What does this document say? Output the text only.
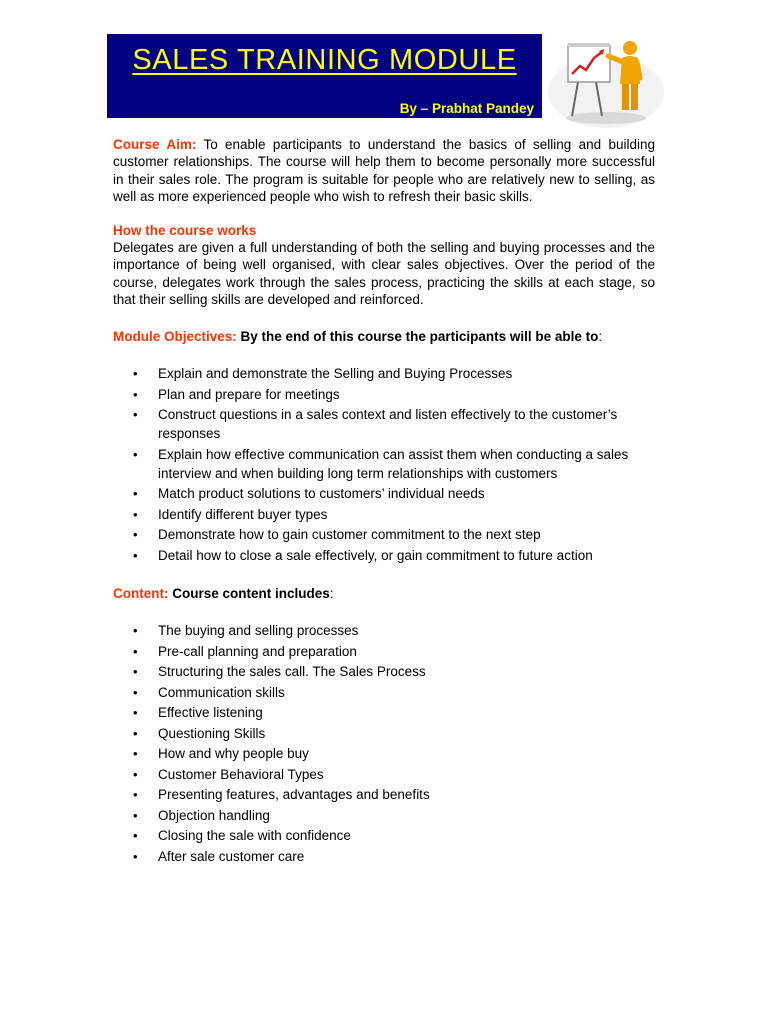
SALES TRAINING MODULE
By – Prabhat Pandey

Course Aim: To enable participants to understand the basics of selling and building customer relationships. The course will help them to become personally more successful in their sales role. The program is suitable for people who are relatively new to selling, as well as more experienced people who wish to refresh their basic skills.

How the course works

Delegates are given a full understanding of both the selling and buying processes and the importance of being well organised, with clear sales objectives. Over the period of the course, delegates work through the sales process, practicing the skills at each stage, so that their selling skills are developed and reinforced.

Module Objectives: By the end of this course the participants will be able to:

• Explain and demonstrate the Selling and Buying Processes
• Plan and prepare for meetings
• Construct questions in a sales context and listen effectively to the customer’s responses
• Explain how effective communication can assist them when conducting a sales interview and when building long term relationships with customers
• Match product solutions to customers’ individual needs
• Identify different buyer types
• Demonstrate how to gain customer commitment to the next step
• Detail how to close a sale effectively, or gain commitment to future action

Content: Course content includes:

• The buying and selling processes
• Pre-call planning and preparation
• Structuring the sales call. The Sales Process
• Communication skills
• Effective listening
• Questioning Skills
• How and why people buy
• Customer Behavioral Types
• Presenting features, advantages and benefits
• Objection handling
• Closing the sale with confidence
• After sale customer care
